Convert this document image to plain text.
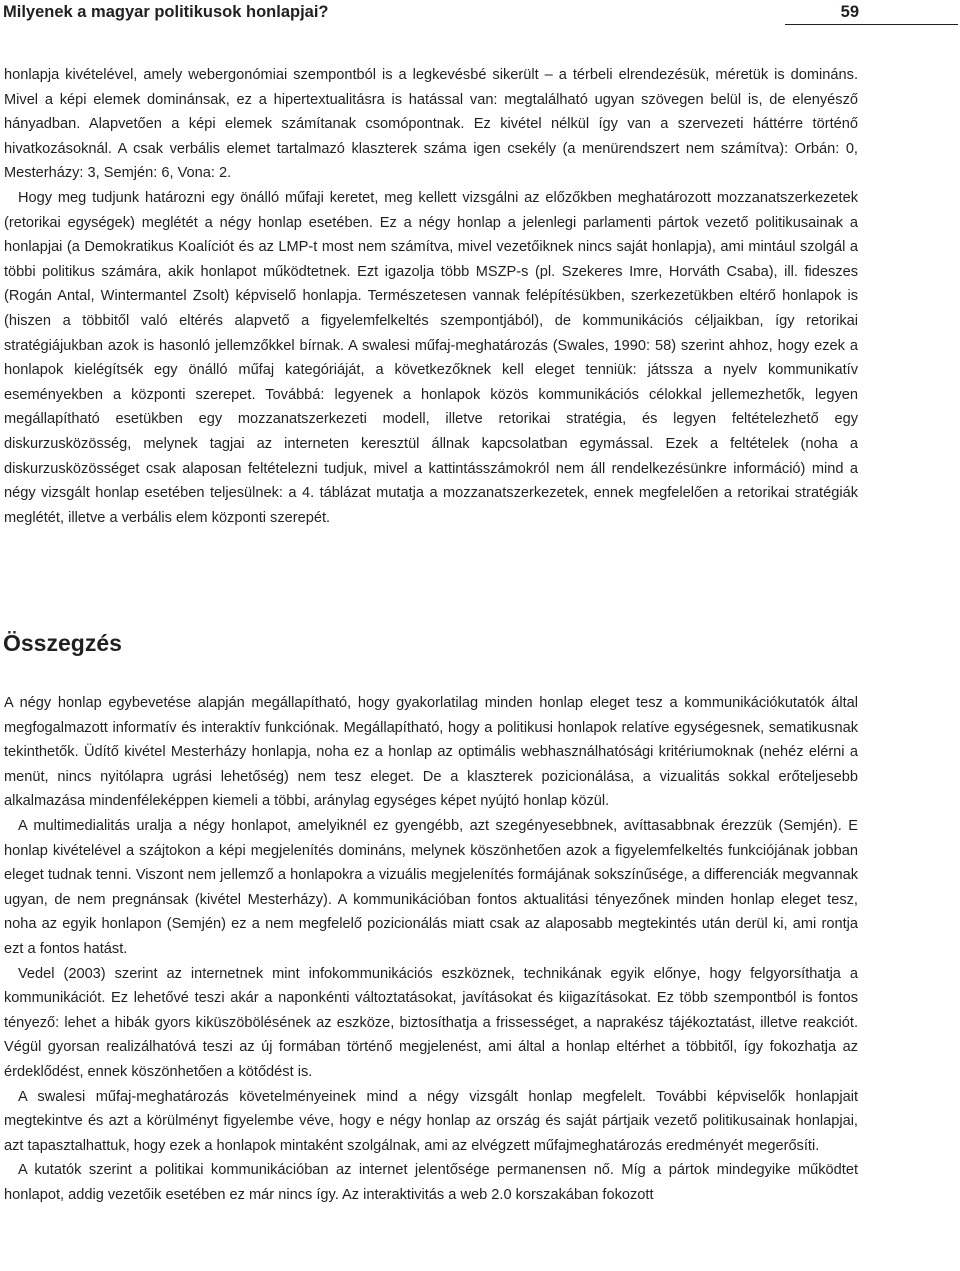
Milyenek a magyar politikusok honlapjai?	59

honlapja kivételével, amely webergonómiai szempontból is a legkevésbé sikerült – a térbeli elrendezésük, méretük is domináns. Mivel a képi elemek dominánsak, ez a hipertextualitásra is hatással van: megtalálható ugyan szövegen belül is, de elenyésző hányadban. Alapvetően a képi elemek számítanak csomópontnak. Ez kivétel nélkül így van a szervezeti háttérre történő hivatkozásoknál. A csak verbális elemet tartalmazó klaszterek száma igen csekély (a menürendszert nem számítva): Orbán: 0, Mesterházy: 3, Semjén: 6, Vona: 2.

Hogy meg tudjunk határozni egy önálló műfaji keretet, meg kellett vizsgálni az előzőkben meghatározott mozzanatszerkezetek (retorikai egységek) meglétét a négy honlap esetében. Ez a négy honlap a jelenlegi parlamenti pártok vezető politikusainak a honlapjai (a Demokratikus Koalíciót és az LMP-t most nem számítva, mivel vezetőiknek nincs saját honlapja), ami mintául szolgál a többi politikus számára, akik honlapot működtetnek. Ezt igazolja több MSZP-s (pl. Szekeres Imre, Horváth Csaba), ill. fideszes (Rogán Antal, Wintermantel Zsolt) képviselő honlapja. Természetesen vannak felépítésükben, szerkezetükben eltérő honlapok is (hiszen a többitől való eltérés alapvető a figyelemfelkeltés szempontjából), de kommunikációs céljaikban, így retorikai stratégiájukban azok is hasonló jellemzőkkel bírnak. A swalesi műfaj-meghatározás (Swales, 1990: 58) szerint ahhoz, hogy ezek a honlapok kielégítsék egy önálló műfaj kategóriáját, a következőknek kell eleget tenniük: játssza a nyelv kommunikatív eseményekben a központi szerepet. Továbbá: legyenek a honlapok közös kommunikációs célokkal jellemezhetők, legyen megállapítható esetükben egy mozzanatszerkezeti modell, illetve retorikai stratégia, és legyen feltételezhető egy diskurzusközösség, melynek tagjai az interneten keresztül állnak kapcsolatban egymással. Ezek a feltételek (noha a diskurzusközösséget csak alaposan feltételezni tudjuk, mivel a kattintásszámokról nem áll rendelkezésünkre információ) mind a négy vizsgált honlap esetében teljesülnek: a 4. táblázat mutatja a mozzanatszerkezetek, ennek megfelelően a retorikai stratégiák meglétét, illetve a verbális elem központi szerepét.

Összegzés

A négy honlap egybevetése alapján megállapítható, hogy gyakorlatilag minden honlap eleget tesz a kommunikációkutatók által megfogalmazott informatív és interaktív funkciónak. Megállapítható, hogy a politikusi honlapok relatíve egységesnek, sematikusnak tekinthetők. Üdítő kivétel Mesterházy honlapja, noha ez a honlap az optimális webhasználhatósági kritériumoknak (nehéz elérni a menüt, nincs nyitólapra ugrási lehetőség) nem tesz eleget. De a klaszterek pozicionálása, a vizualitás sokkal erőteljesebb alkalmazása mindenféleképpen kiemeli a többi, aránylag egységes képet nyújtó honlap közül.

A multimedialitás uralja a négy honlapot, amelyiknél ez gyengébb, azt szegényesebbnek, avíttasabbnak érezzük (Semjén). E honlap kivételével a szájtokon a képi megjelenítés domináns, melynek köszönhetően azok a figyelemfelkeltés funkciójának jobban eleget tudnak tenni. Viszont nem jellemző a honlapokra a vizuális megjelenítés formájának sokszínűsége, a differenciák megvannak ugyan, de nem pregnánsak (kivétel Mesterházy). A kommunikációban fontos aktualitási tényezőnek minden honlap eleget tesz, noha az egyik honlapon (Semjén) ez a nem megfelelő pozicionálás miatt csak az alaposabb megtekintés után derül ki, ami rontja ezt a fontos hatást.

Vedel (2003) szerint az internetnek mint infokommunikációs eszköznek, technikának egyik előnye, hogy felgyorsíthatja a kommunikációt. Ez lehetővé teszi akár a naponkénti változtatásokat, javításokat és kiigazításokat. Ez több szempontból is fontos tényező: lehet a hibák gyors kiküszöbölésének az eszköze, biztosíthatja a frissességet, a naprakész tájékoztatást, illetve reakciót. Végül gyorsan realizálhatóvá teszi az új formában történő megjelenést, ami által a honlap eltérhet a többitől, így fokozhatja az érdeklődést, ennek köszönhetően a kötődést is.

A swalesi műfaj-meghatározás követelményeinek mind a négy vizsgált honlap megfelelt. További képviselők honlapjait megtekintve és azt a körülményt figyelembe véve, hogy e négy honlap az ország és saját pártjaik vezető politikusainak honlapjai, azt tapasztalhattuk, hogy ezek a honlapok mintaként szolgálnak, ami az elvégzett műfajmeghatározás eredményét megerősíti.

A kutatók szerint a politikai kommunikációban az internet jelentősége permanensen nő. Míg a pártok mindegyike működtet honlapot, addig vezetőik esetében ez már nincs így. Az interaktivitás a web 2.0 korszakában fokozott
